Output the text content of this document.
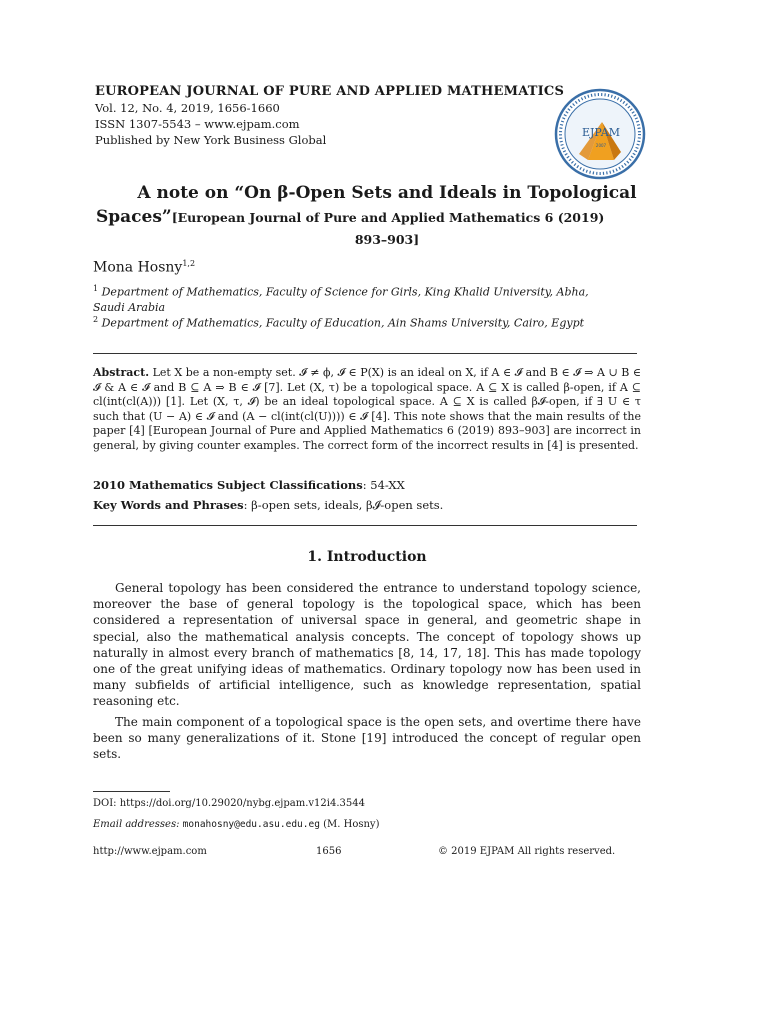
EUROPEAN JOURNAL OF PURE AND APPLIED MATHEMATICS
Vol. 12, No. 4, 2019, 1656-1660
ISSN 1307-5543 – www.ejpam.com
Published by New York Business Global
EJPAM
2007
A note on “On β-Open Sets and Ideals in Topological
Spaces”[European Journal of Pure and Applied Mathematics 6 (2019)
893–903]
Mona Hosny$^{1,2}$
$^1$ Department of Mathematics, Faculty of Science for Girls, King Khalid University, Abha, Saudi Arabia
$^2$ Department of Mathematics, Faculty of Education, Ain Shams University, Cairo, Egypt
Abstract. Let X be a non-empty set. 𝓘 ≠ ϕ, 𝓘 ∈ P(X) is an ideal on X, if A ∈ 𝓘 and B ∈ 𝓘 ⇒ A ∪ B ∈ 𝓘 & A ∈ 𝓘 and B ⊆ A ⇒ B ∈ 𝓘 [7]. Let (X, τ) be a topological space. A ⊆ X is called β-open, if A ⊆ cl(int(cl(A))) [1]. Let (X, τ, 𝓘) be an ideal topological space. A ⊆ X is called β𝓘-open, if ∃ U ∈ τ such that (U − A) ∈ 𝓘 and (A − cl(int(cl(U)))) ∈ 𝓘 [4]. This note shows that the main results of the paper [4] [European Journal of Pure and Applied Mathematics 6 (2019) 893–903] are incorrect in general, by giving counter examples. The correct form of the incorrect results in [4] is presented.
2010 Mathematics Subject Classifications: 54-XX
Key Words and Phrases: β-open sets, ideals, β𝓘-open sets.
1. Introduction
General topology has been considered the entrance to understand topology science, moreover the base of general topology is the topological space, which has been considered a representation of universal space in general, and geometric shape in special, also the mathematical analysis concepts. The concept of topology shows up naturally in almost every branch of mathematics [8, 14, 17, 18]. This has made topology one of the great unifying ideas of mathematics. Ordinary topology now has been used in many subfields of artificial intelligence, such as knowledge representation, spatial reasoning etc.
The main component of a topological space is the open sets, and overtime there have been so many generalizations of it. Stone [19] introduced the concept of regular open sets.
DOI: https://doi.org/10.29020/nybg.ejpam.v12i4.3544
Email addresses: monahosny@edu.asu.edu.eg (M. Hosny)
http://www.ejpam.com	1656	© 2019 EJPAM All rights reserved.
